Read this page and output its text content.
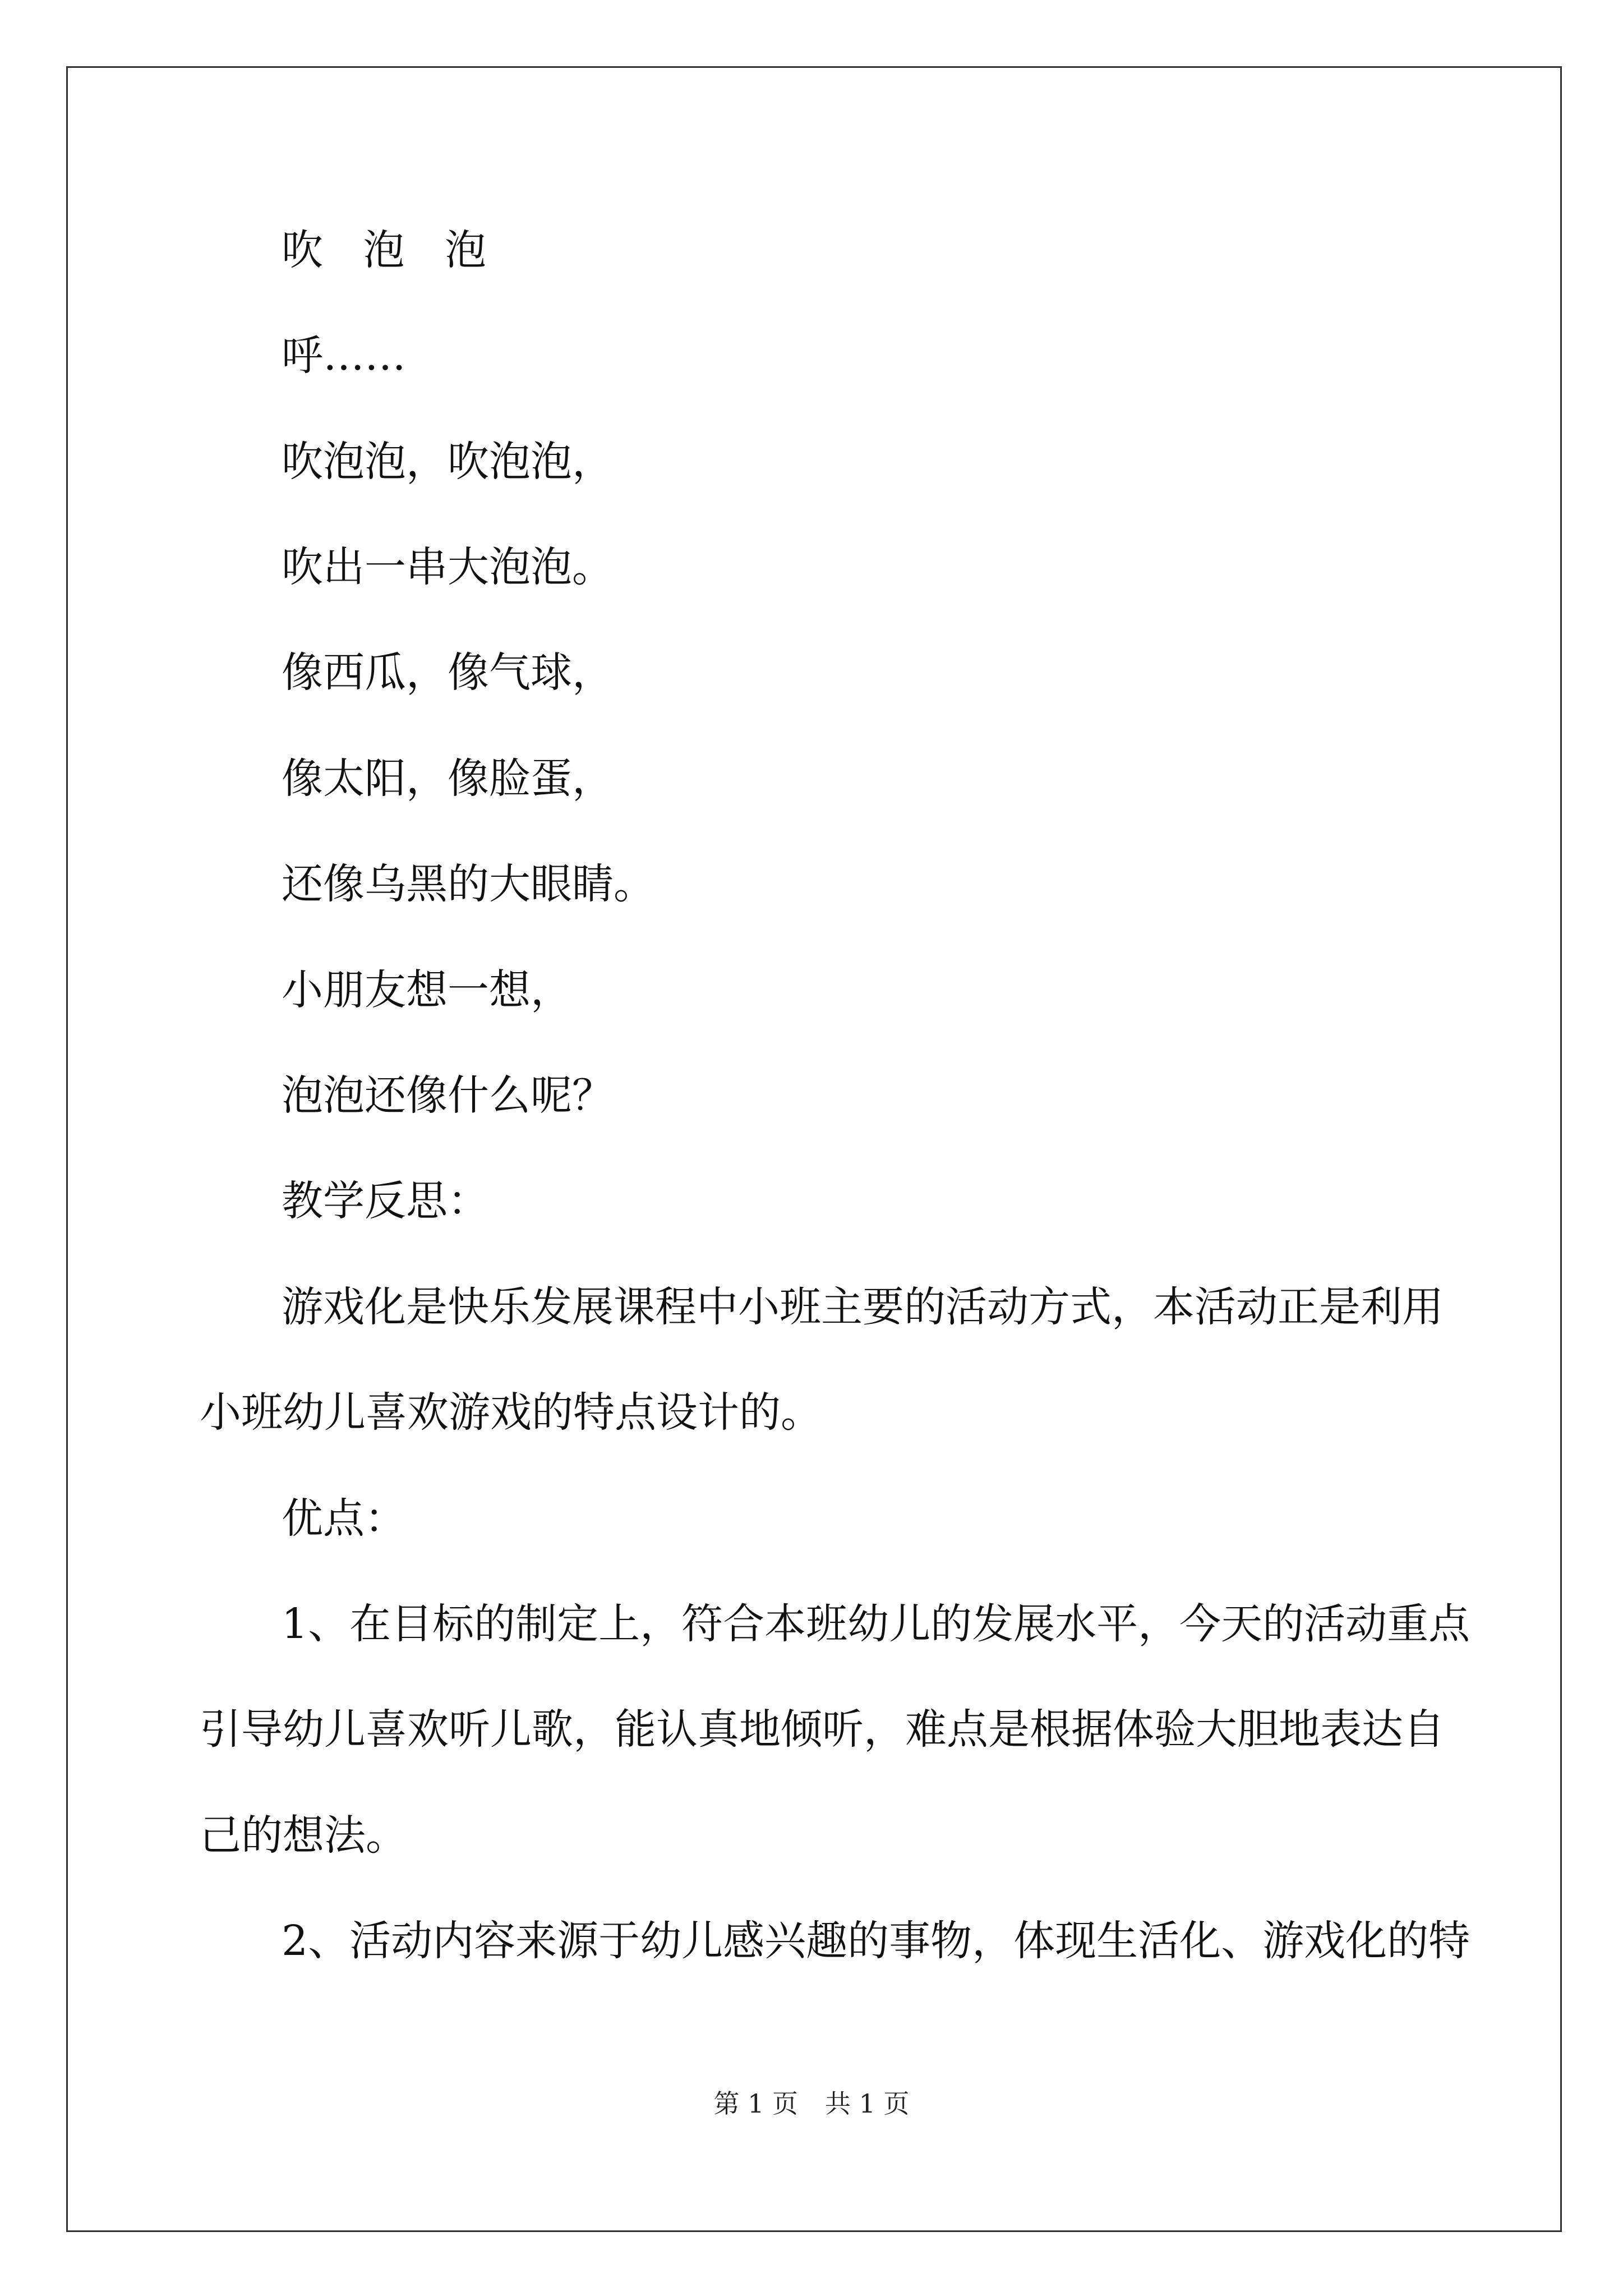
吹 泡 泡

呼……

吹泡泡，吹泡泡，

吹出一串大泡泡。

像西瓜，像气球，

像太阳，像脸蛋，

还像乌黑的大眼睛。

小朋友想一想，

泡泡还像什么呢？

教学反思：

游戏化是快乐发展课程中小班主要的活动方式，本活动正是利用

小班幼儿喜欢游戏的特点设计的。

优点：

1、在目标的制定上，符合本班幼儿的发展水平，今天的活动重点

引导幼儿喜欢听儿歌，能认真地倾听，难点是根据体验大胆地表达自

己的想法。

2、活动内容来源于幼儿感兴趣的事物，体现生活化、游戏化的特

第 1 页 共 1 页
